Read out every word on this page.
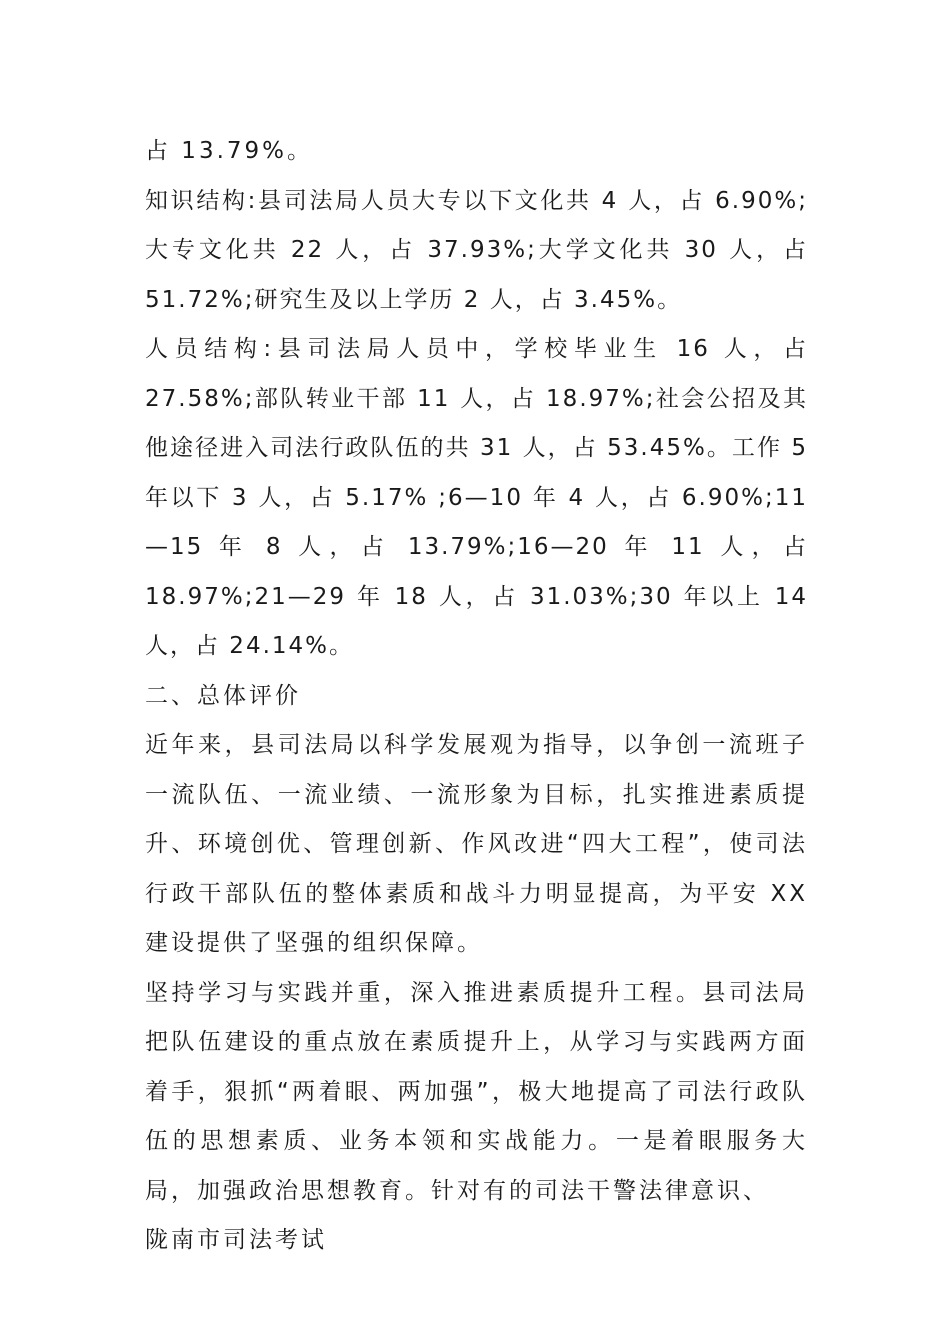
占 13.79%。

知识结构:县司法局人员大专以下文化共 4 人，占 6.90%;大专文化共 22 人，占 37.93%;大学文化共 30 人，占 51.72%;研究生及以上学历 2 人，占 3.45%。

人员结构:县司法局人员中，学校毕业生 16 人，占 27.58%;部队转业干部 11 人，占 18.97%;社会公招及其他途径进入司法行政队伍的共 31 人，占 53.45%。工作 5 年以下 3 人，占 5.17% ;6—10 年 4 人，占 6.90%;11—15 年 8 人，占 13.79%;16—20 年 11 人，占 18.97%;21—29 年 18 人，占 31.03%;30 年以上 14 人，占 24.14%。

二、总体评价

近年来，县司法局以科学发展观为指导，以争创一流班子一流队伍、一流业绩、一流形象为目标，扎实推进素质提升、环境创优、管理创新、作风改进“四大工程”，使司法行政干部队伍的整体素质和战斗力明显提高，为平安 XX 建设提供了坚强的组织保障。

坚持学习与实践并重，深入推进素质提升工程。县司法局把队伍建设的重点放在素质提升上，从学习与实践两方面着手，狠抓“两着眼、两加强”，极大地提高了司法行政队伍的思想素质、业务本领和实战能力。一是着眼服务大局，加强政治思想教育。针对有的司法干警法律意识、

陇南市司法考试
